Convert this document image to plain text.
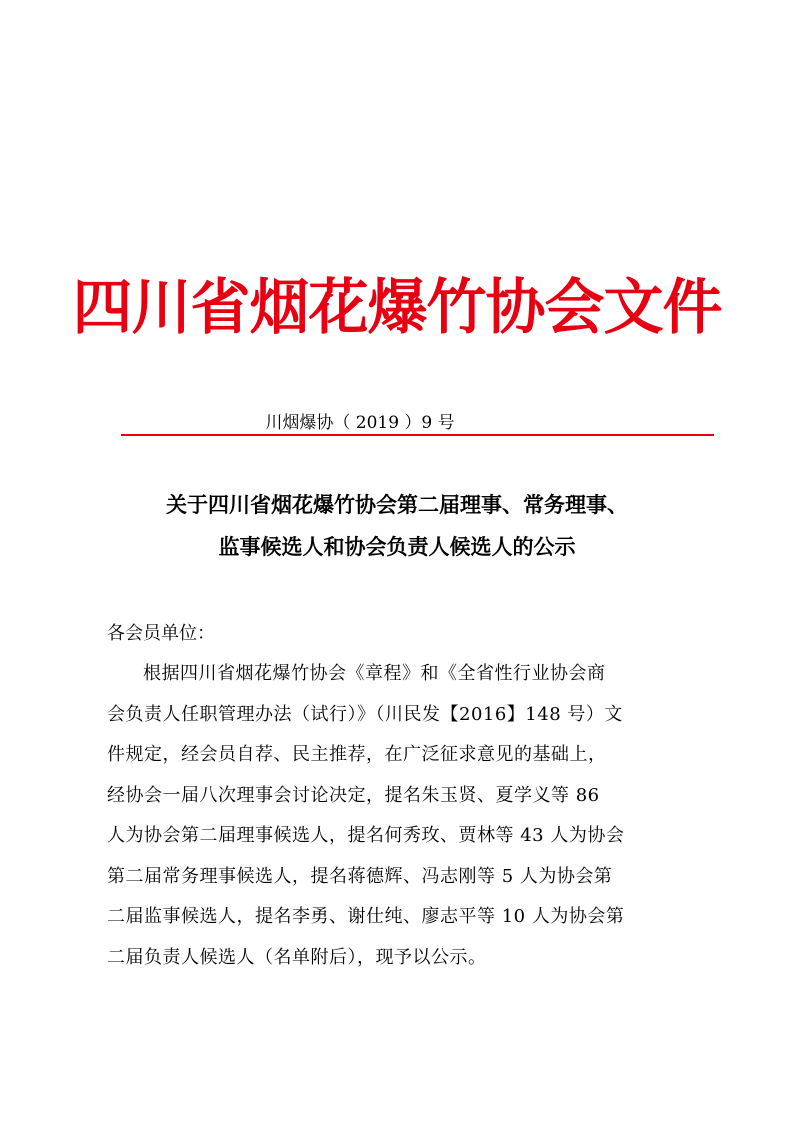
四川省烟花爆竹协会文件
川烟爆协（ 2019 ）9 号
关于四川省烟花爆竹协会第二届理事、常务理事、
监事候选人和协会负责人候选人的公示
各会员单位：
根据四川省烟花爆竹协会《章程》和《全省性行业协会商
会负责人任职管理办法（试行）》（川民发【2016】148 号）文
件规定，经会员自荐、民主推荐，在广泛征求意见的基础上，
经协会一届八次理事会讨论决定，提名朱玉贤、夏学义等 86
人为协会第二届理事候选人，提名何秀玫、贾林等 43 人为协会
第二届常务理事候选人，提名蒋德辉、冯志刚等 5 人为协会第
二届监事候选人，提名李勇、谢仕纯、廖志平等 10 人为协会第
二届负责人候选人（名单附后），现予以公示。
